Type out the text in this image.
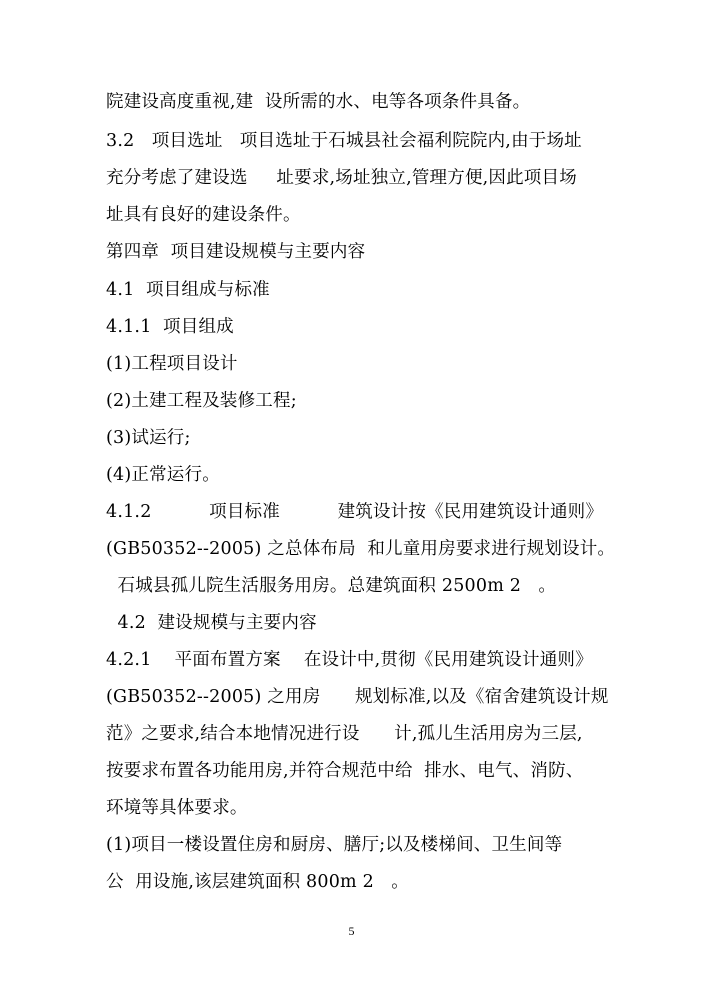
院建设高度重视,建  设所需的水、电等各项条件具备。
3.2   项目选址   项目选址于石城县社会福利院院内,由于场址
充分考虑了建设选     址要求,场址独立,管理方便,因此项目场
址具有良好的建设条件。
第四章  项目建设规模与主要内容
4.1  项目组成与标准
4.1.1  项目组成
(1)工程项目设计
(2)土建工程及装修工程;
(3)试运行;
(4)正常运行。
4.1.2          项目标准          建筑设计按《民用建筑设计通则》
(GB50352--2005) 之总体布局  和儿童用房要求进行规划设计。
石城县孤儿院生活服务用房。总建筑面积 2500m 2   。
4.2  建设规模与主要内容
4.2.1    平面布置方案    在设计中,贯彻《民用建筑设计通则》
(GB50352--2005) 之用房      规划标准,以及《宿舍建筑设计规
范》之要求,结合本地情况进行设      计,孤儿生活用房为三层,
按要求布置各功能用房,并符合规范中给  排水、电气、消防、
环境等具体要求。
(1)项目一楼设置住房和厨房、膳厅;以及楼梯间、卫生间等
公  用设施,该层建筑面积 800m 2   。
5
